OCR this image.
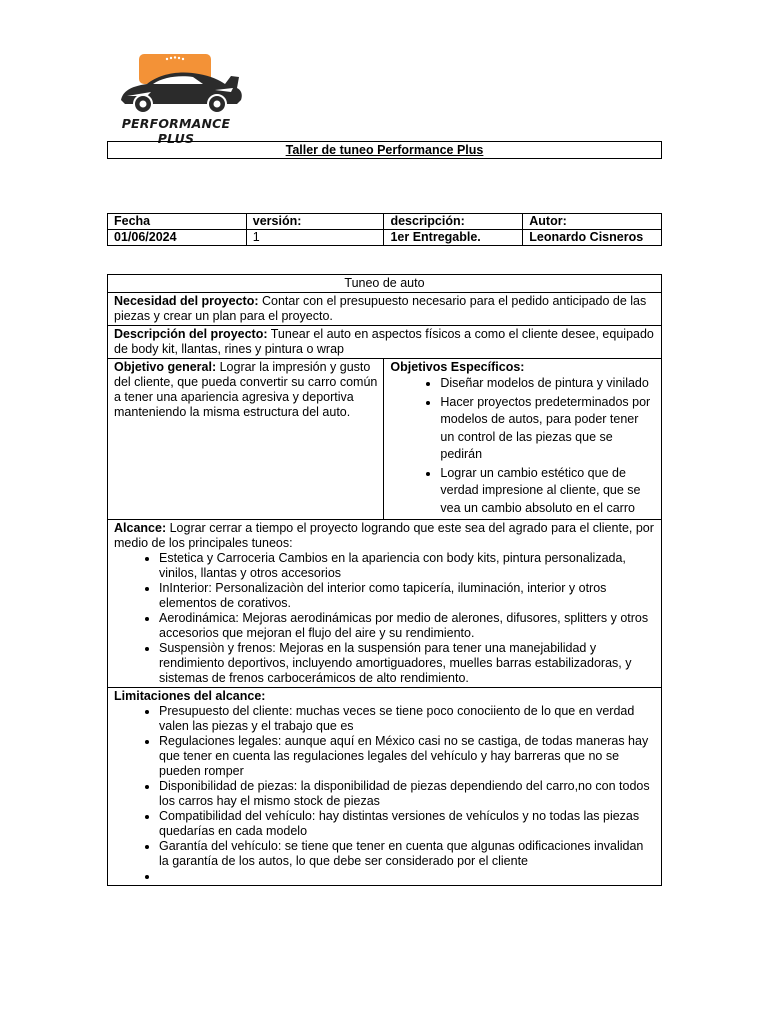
PERFORMANCE PLUS
Taller de tuneo Performance Plus
Fecha	versión:	descripción:	Autor:
01/06/2024	1	1er Entregable.	Leonardo Cisneros
Tuneo de auto
Necesidad del proyecto: Contar con el presupuesto necesario para el pedido anticipado de las piezas y crear un plan para el proyecto.
Descripción del proyecto: Tunear el auto en aspectos físicos a como el cliente desee, equipado de body kit, llantas, rines y pintura o wrap
Objetivo general: Lograr la impresión y gusto del cliente, que pueda convertir su carro común a tener una apariencia agresiva y deportiva manteniendo la misma estructura del auto.	
Objetivos Específicos:
• Diseñar modelos de pintura y vinilado
• Hacer proyectos predeterminados por modelos de autos, para poder tener un control de las piezas que se pedirán
• Lograr un cambio estético que de verdad impresione al cliente, que se vea un cambio absoluto en el carro

Alcance: Lograr cerrar a tiempo el proyecto logrando que este sea del agrado para el cliente, por medio de los principales tuneos:
• Estetica y Carroceria Cambios en la apariencia con body kits, pintura personalizada, vinilos, llantas y otros accesorios
• InInterior: Personalizaciòn del interior como tapicería, iluminación, interior y otros elementos de corativos.
• Aerodinámica: Mejoras aerodinámicas por medio de alerones, difusores, splitters y otros accesorios que mejoran el flujo del aire y su rendimiento.
• Suspensiòn y frenos: Mejoras en la suspensión para tener una manejabilidad y rendimiento deportivos, incluyendo amortiguadores, muelles barras estabilizadoras, y sistemas de frenos carbocerámicos de alto rendimiento.

Limitaciones del alcance:
• Presupuesto del cliente: muchas veces se tiene poco conociiento de lo que en verdad valen las piezas y el trabajo que es
• Regulaciones legales: aunque aquí en México casi no se castiga, de todas maneras hay que tener en cuenta las regulaciones legales del vehículo y hay barreras que no se pueden romper
• Disponibilidad de piezas: la disponibilidad de piezas dependiendo del carro,no con todos los carros hay el mismo stock de piezas
• Compatibilidad del vehículo: hay distintas versiones de vehículos y no todas las piezas quedarías en cada modelo
• Garantía del vehículo: se tiene que tener en cuenta que algunas odificaciones invalidan la garantía de los autos, lo que debe ser considerado por el cliente
•
